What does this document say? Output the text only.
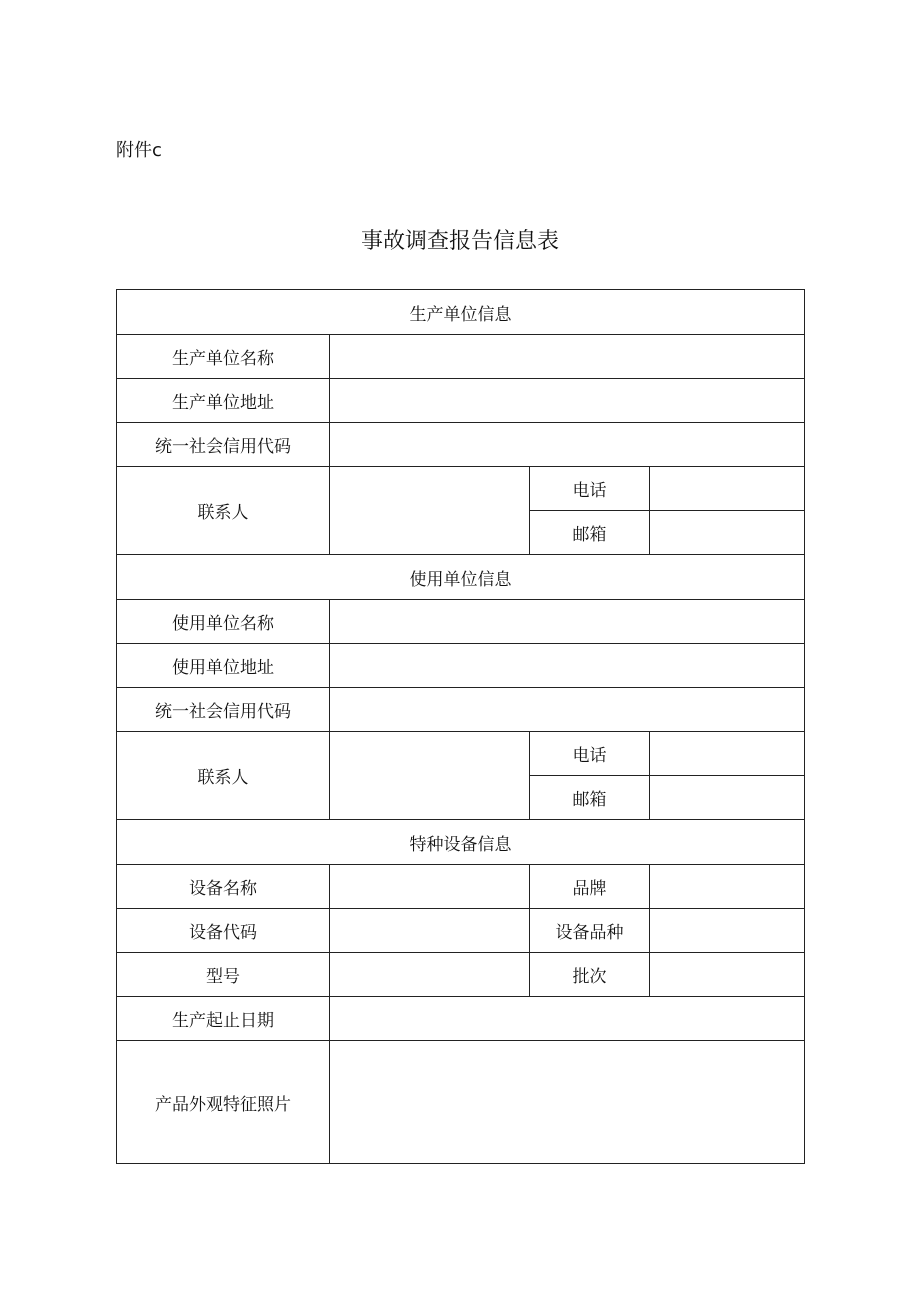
附件c
事故调查报告信息表
生产单位信息			
生产单位名称			
生产单位地址			
统一社会信用代码			
联系人		电话	
		邮箱	
使用单位信息			
使用单位名称			
使用单位地址			
统一社会信用代码			
联系人		电话	
		邮箱	
特种设备信息			
设备名称		品牌	
设备代码		设备品种	
型号		批次	
生产起止日期			
产品外观特征照片			
